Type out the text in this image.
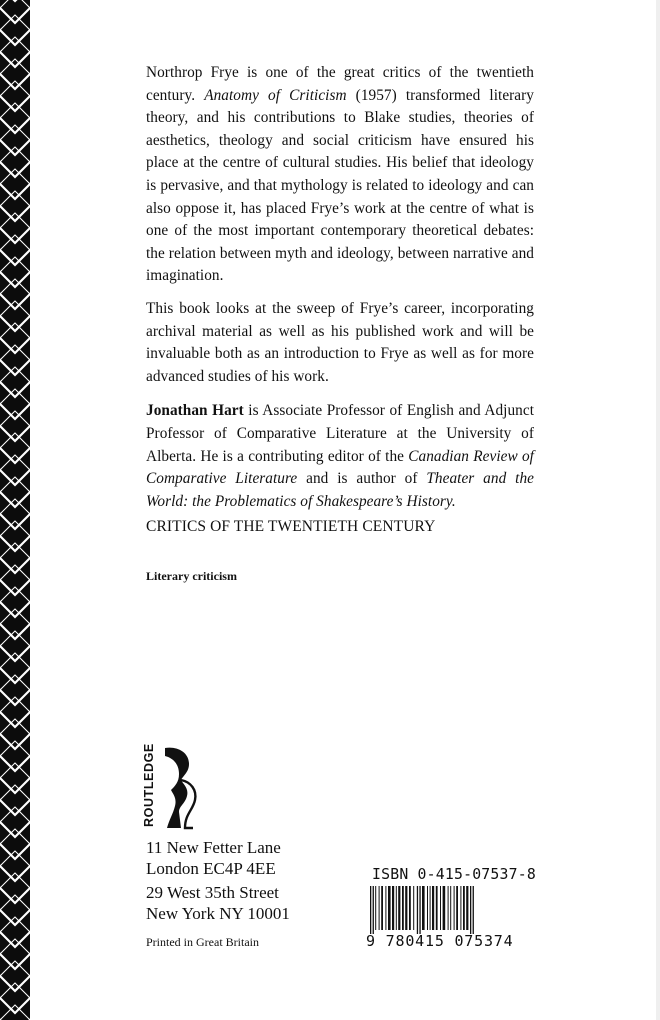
Northrop Frye is one of the great critics of the twentieth century. Anatomy of Criticism (1957) transformed literary theory, and his contributions to Blake studies, theories of aesthetics, theology and social criticism have ensured his place at the centre of cultural studies. His belief that ideology is pervasive, and that mythology is related to ideology and can also oppose it, has placed Frye’s work at the centre of what is one of the most important contemporary theoretical debates: the relation between myth and ideology, between narrative and imagination.

This book looks at the sweep of Frye’s career, incorporating archival material as well as his published work and will be invaluable both as an introduction to Frye as well as for more advanced studies of his work.

Jonathan Hart is Associate Professor of English and Adjunct Professor of Comparative Literature at the University of Alberta. He is a contributing editor of the Canadian Review of Comparative Literature and is author of Theater and the World: the Problematics of Shakespeare’s History.

CRITICS OF THE TWENTIETH CENTURY
Literary criticism
ROUTLEDGE
11 New Fetter Lane
London EC4P 4EE
29 West 35th Street
New York NY 10001
Printed in Great Britain
ISBN 0-415-07537-8
9 780415 075374
